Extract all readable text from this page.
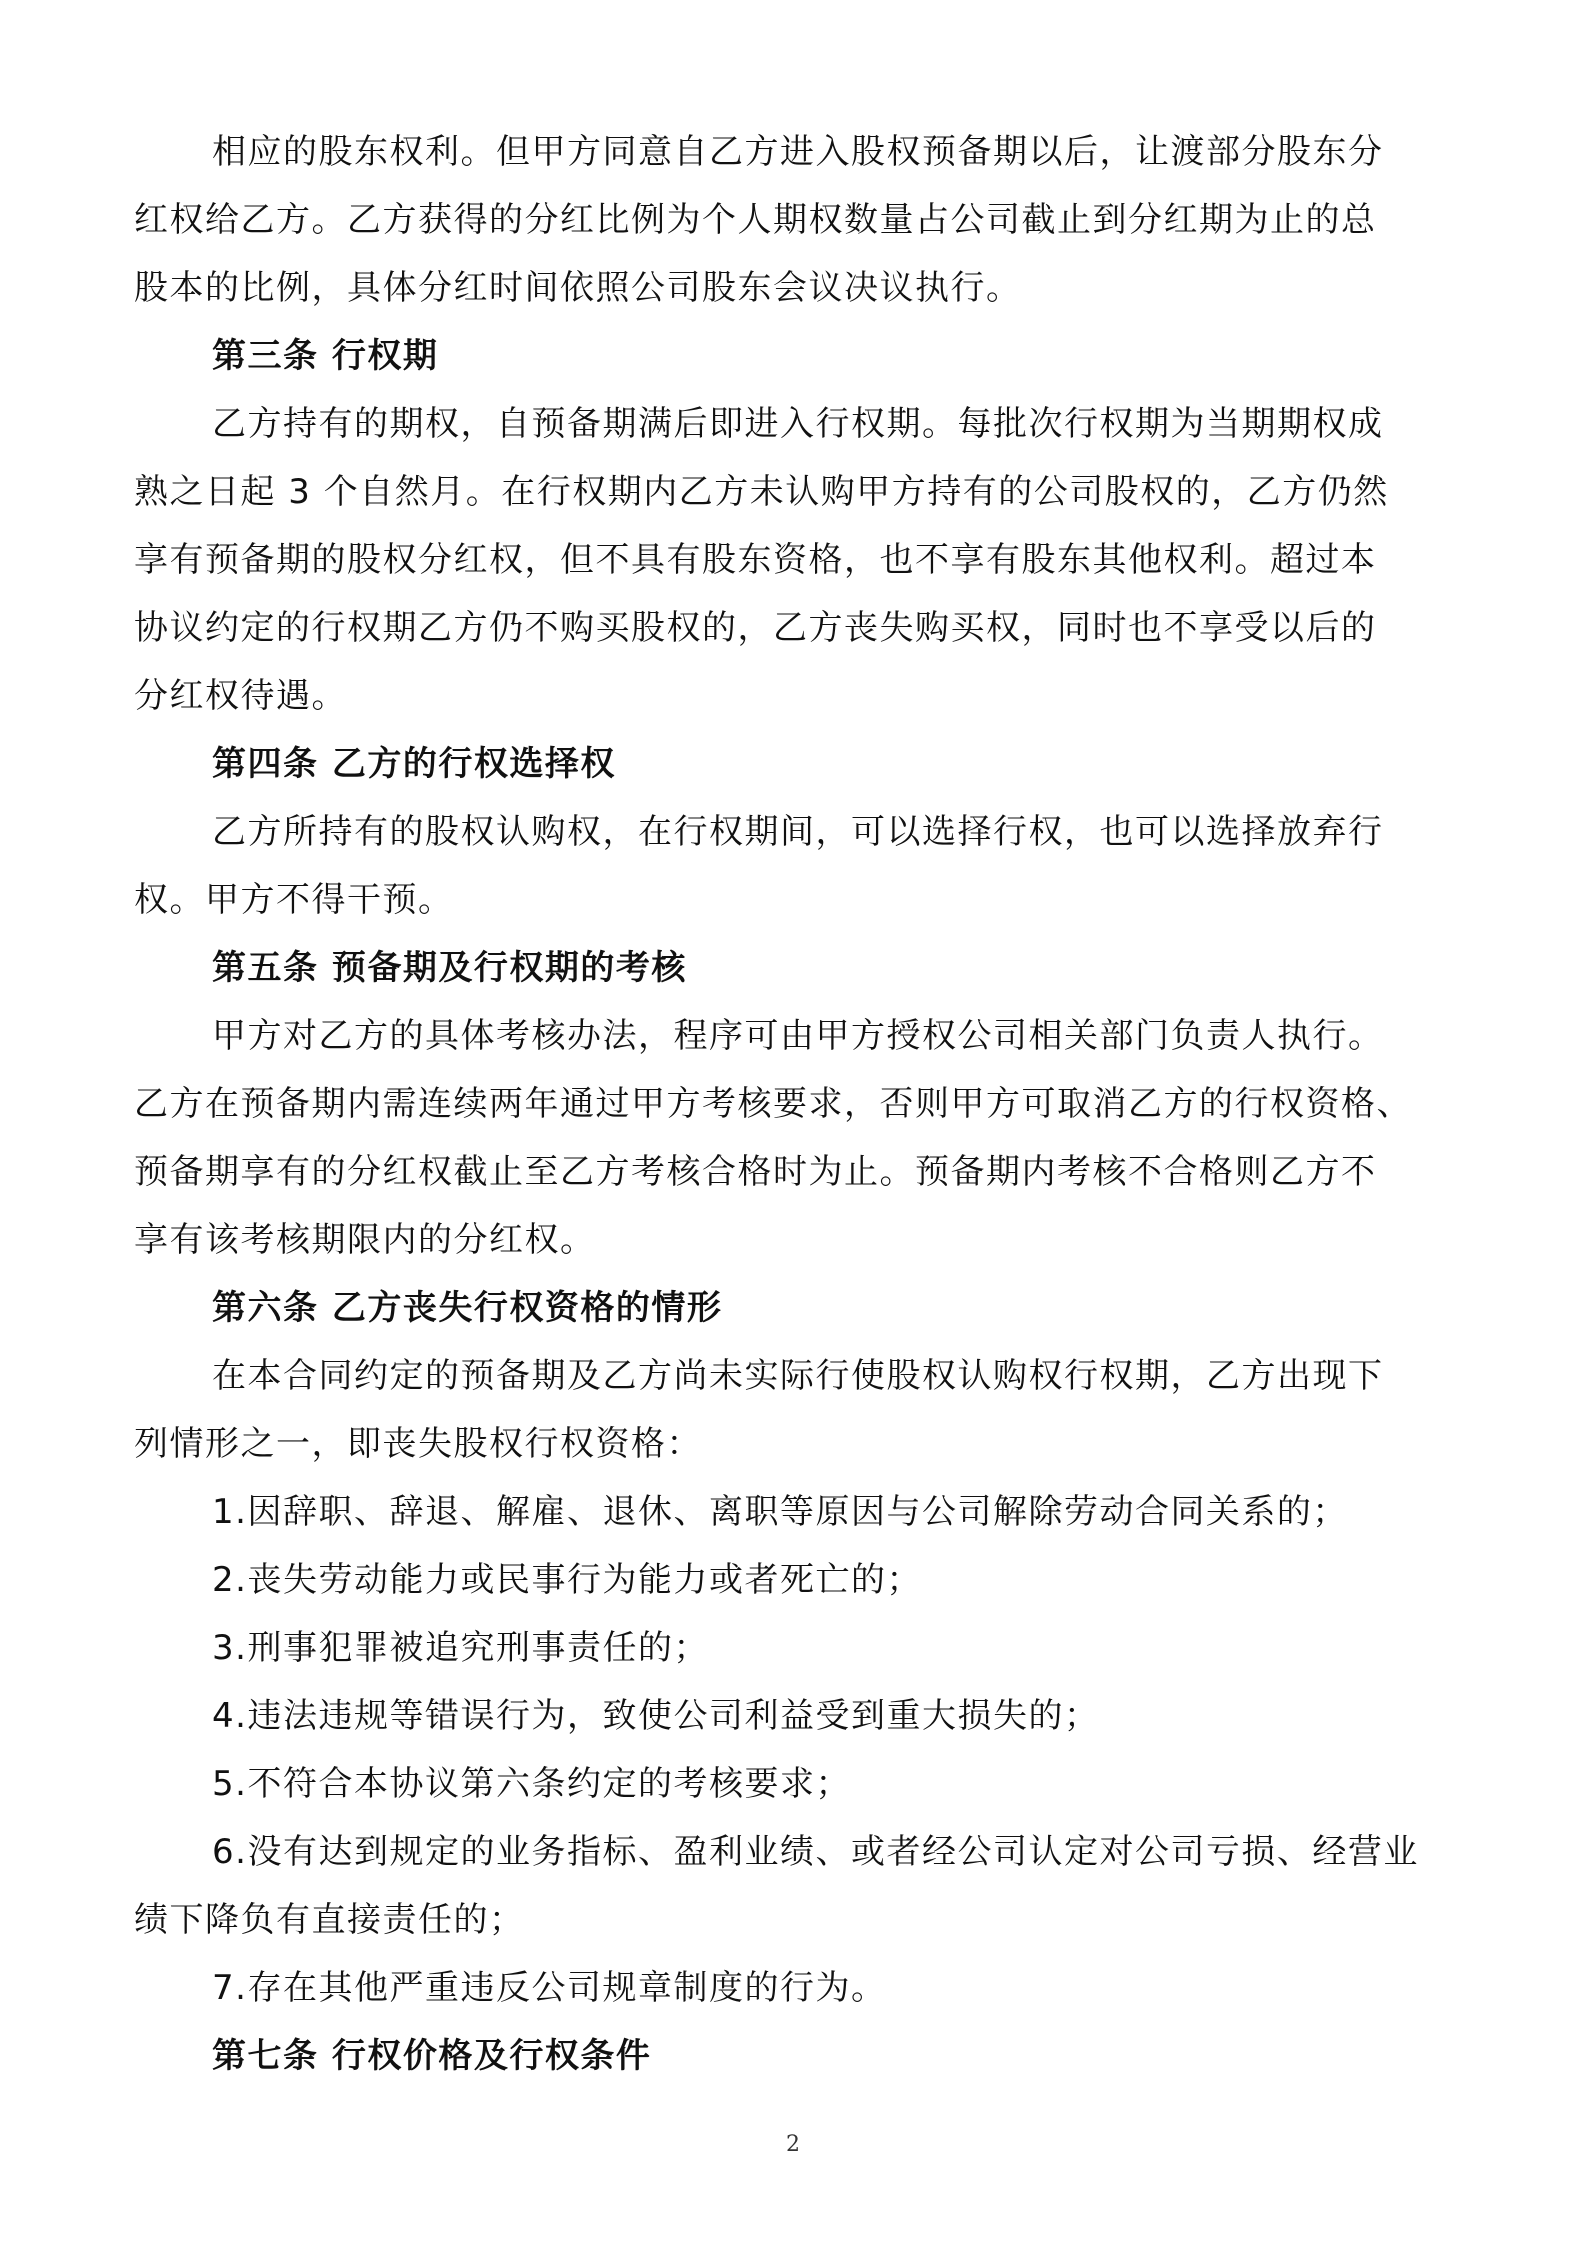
相应的股东权利。但甲方同意自乙方进入股权预备期以后，让渡部分股东分
红权给乙方。乙方获得的分红比例为个人期权数量占公司截止到分红期为止的总
股本的比例，具体分红时间依照公司股东会议决议执行。
第三条 行权期
乙方持有的期权，自预备期满后即进入行权期。每批次行权期为当期期权成
熟之日起 3 个自然月。在行权期内乙方未认购甲方持有的公司股权的，乙方仍然
享有预备期的股权分红权，但不具有股东资格，也不享有股东其他权利。超过本
协议约定的行权期乙方仍不购买股权的，乙方丧失购买权，同时也不享受以后的
分红权待遇。
第四条 乙方的行权选择权
乙方所持有的股权认购权，在行权期间，可以选择行权，也可以选择放弃行
权。甲方不得干预。
第五条 预备期及行权期的考核
甲方对乙方的具体考核办法，程序可由甲方授权公司相关部门负责人执行。
乙方在预备期内需连续两年通过甲方考核要求，否则甲方可取消乙方的行权资格、
预备期享有的分红权截止至乙方考核合格时为止。预备期内考核不合格则乙方不
享有该考核期限内的分红权。
第六条 乙方丧失行权资格的情形
在本合同约定的预备期及乙方尚未实际行使股权认购权行权期，乙方出现下
列情形之一，即丧失股权行权资格：
1.因辞职、辞退、解雇、退休、离职等原因与公司解除劳动合同关系的；
2.丧失劳动能力或民事行为能力或者死亡的；
3.刑事犯罪被追究刑事责任的；
4.违法违规等错误行为，致使公司利益受到重大损失的；
5.不符合本协议第六条约定的考核要求；
6.没有达到规定的业务指标、盈利业绩、或者经公司认定对公司亏损、经营业
绩下降负有直接责任的；
7.存在其他严重违反公司规章制度的行为。
第七条 行权价格及行权条件
2
